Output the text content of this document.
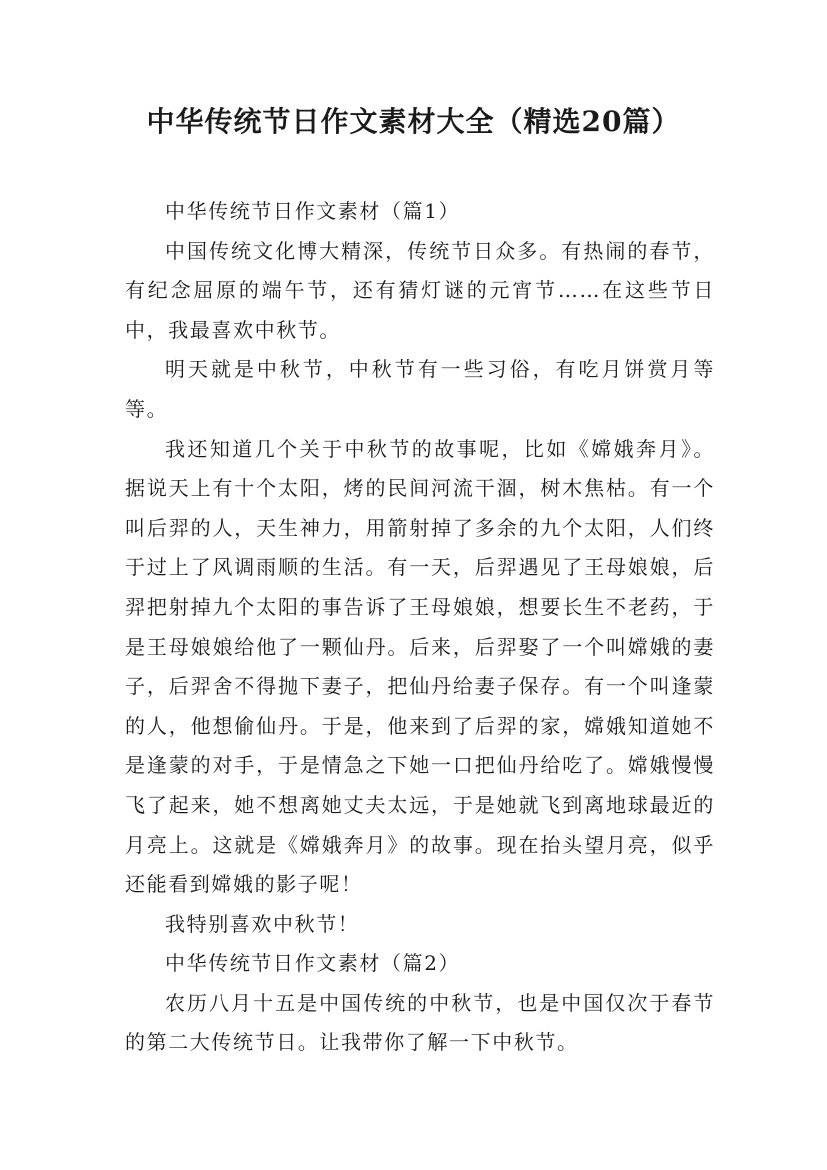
中华传统节日作文素材大全（精选20篇）

中华传统节日作文素材（篇1）

中国传统文化博大精深，传统节日众多。有热闹的春节，有纪念屈原的端午节，还有猜灯谜的元宵节……在这些节日中，我最喜欢中秋节。

明天就是中秋节，中秋节有一些习俗，有吃月饼赏月等等。

我还知道几个关于中秋节的故事呢，比如《嫦娥奔月》。据说天上有十个太阳，烤的民间河流干涸，树木焦枯。有一个叫后羿的人，天生神力，用箭射掉了多余的九个太阳，人们终于过上了风调雨顺的生活。有一天，后羿遇见了王母娘娘，后羿把射掉九个太阳的事告诉了王母娘娘，想要长生不老药，于是王母娘娘给他了一颗仙丹。后来，后羿娶了一个叫嫦娥的妻子，后羿舍不得抛下妻子，把仙丹给妻子保存。有一个叫逢蒙的人，他想偷仙丹。于是，他来到了后羿的家，嫦娥知道她不是逢蒙的对手，于是情急之下她一口把仙丹给吃了。嫦娥慢慢飞了起来，她不想离她丈夫太远，于是她就飞到离地球最近的月亮上。这就是《嫦娥奔月》的故事。现在抬头望月亮，似乎还能看到嫦娥的影子呢！

我特别喜欢中秋节！

中华传统节日作文素材（篇2）

农历八月十五是中国传统的中秋节，也是中国仅次于春节的第二大传统节日。让我带你了解一下中秋节。
